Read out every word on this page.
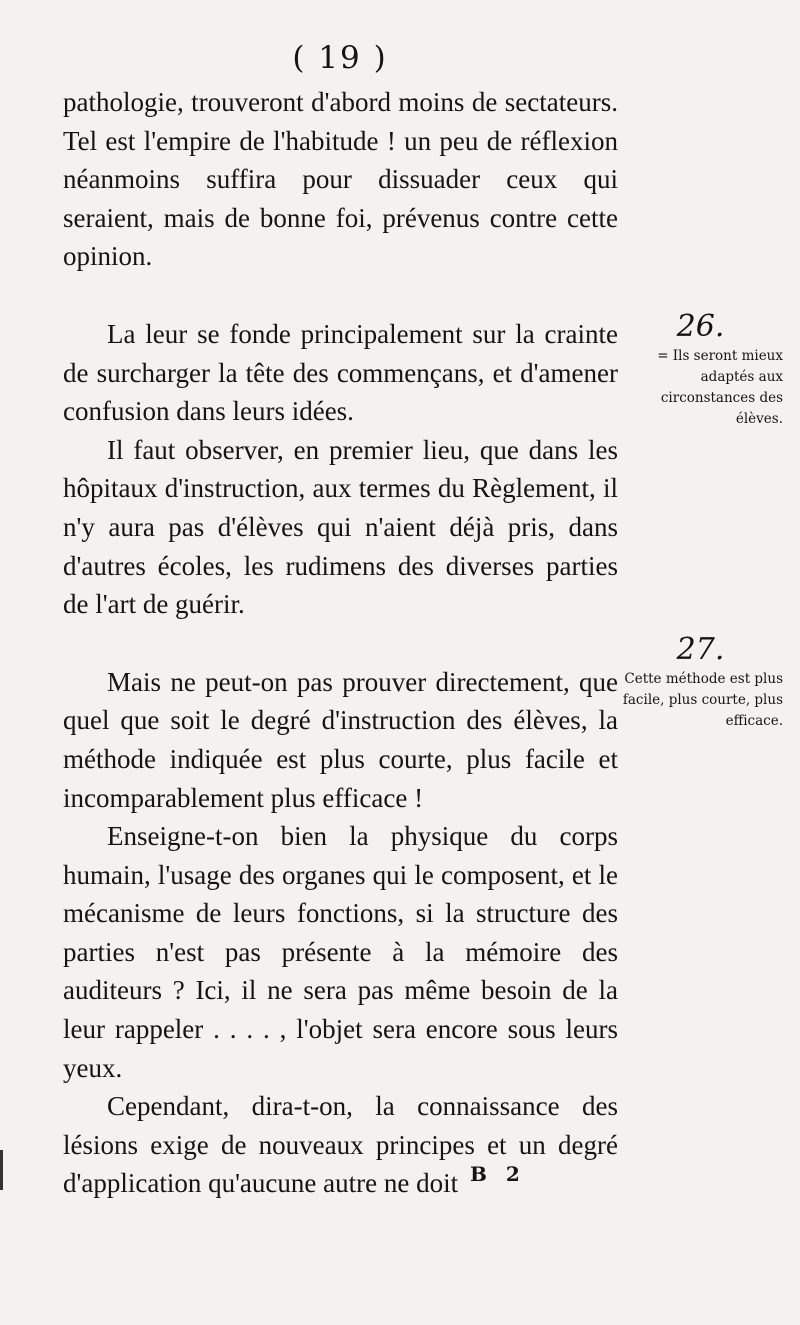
( 19 )

pathologie, trouveront d'abord moins de sectateurs. Tel est l'empire de l'habitude ! un peu de réflexion néanmoins suffira pour dissuader ceux qui seraient, mais de bonne foi, prévenus contre cette opinion.

La leur se fonde principalement sur la crainte de surcharger la tête des commençans, et d'amener confusion dans leurs idées.

Il faut observer, en premier lieu, que dans les hôpitaux d'instruction, aux termes du Règlement, il n'y aura pas d'élèves qui n'aient déjà pris, dans d'autres écoles, les rudimens des diverses parties de l'art de guérir.

Mais ne peut-on pas prouver directement, que quel que soit le degré d'instruction des élèves, la méthode indiquée est plus courte, plus facile et incomparablement plus efficace !

Enseigne-t-on bien la physique du corps humain, l'usage des organes qui le composent, et le mécanisme de leurs fonctions, si la structure des parties n'est pas présente à la mémoire des auditeurs ? Ici, il ne sera pas même besoin de la leur rappeler . . . . , l'objet sera encore sous leurs yeux.

Cependant, dira-t-on, la connaissance des lésions exige de nouveaux principes et un degré d'application qu'aucune autre ne doit

26.
= Ils seront mieux adaptés aux circonstances des élèves.
27.
Cette méthode est plus facile, plus courte, plus efficace.
B 2
